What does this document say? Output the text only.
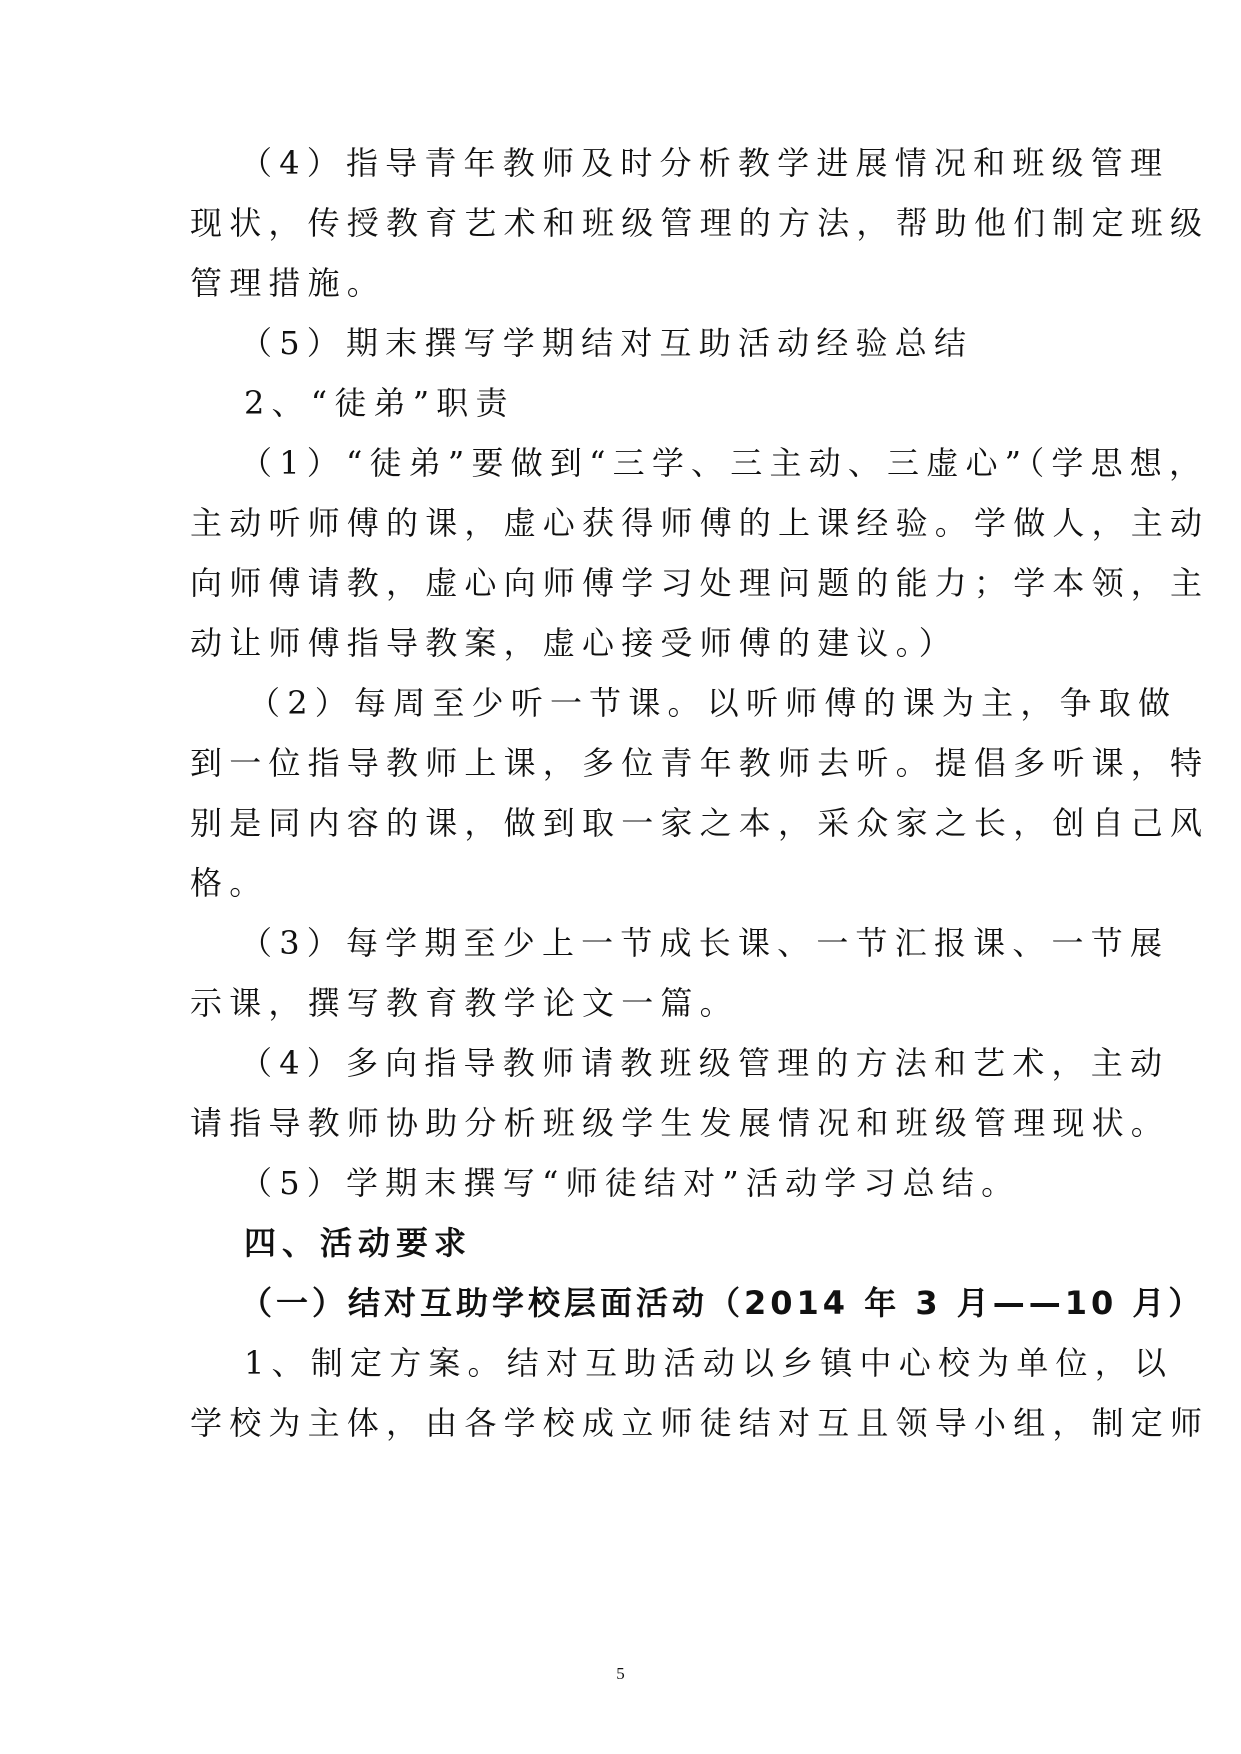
（4）指导青年教师及时分析教学进展情况和班级管理
现状，传授教育艺术和班级管理的方法，帮助他们制定班级
管理措施。
（5）期末撰写学期结对互助活动经验总结
2、“徒弟”职责
（1）“徒弟”要做到“三学、三主动、三虚心”（学思想，
主动听师傅的课，虚心获得师傅的上课经验。学做人，主动
向师傅请教，虚心向师傅学习处理问题的能力；学本领，主
动让师傅指导教案，虚心接受师傅的建议。）
（2）每周至少听一节课。以听师傅的课为主，争取做
到一位指导教师上课，多位青年教师去听。提倡多听课，特
别是同内容的课，做到取一家之本，采众家之长，创自己风
格。
（3）每学期至少上一节成长课、一节汇报课、一节展
示课，撰写教育教学论文一篇。
（4）多向指导教师请教班级管理的方法和艺术，主动
请指导教师协助分析班级学生发展情况和班级管理现状。
（5）学期末撰写“师徒结对”活动学习总结。
四、活动要求
（一）结对互助学校层面活动（2014 年 3 月——10 月）
1、制定方案。结对互助活动以乡镇中心校为单位，以
学校为主体，由各学校成立师徒结对互且领导小组，制定师
5
